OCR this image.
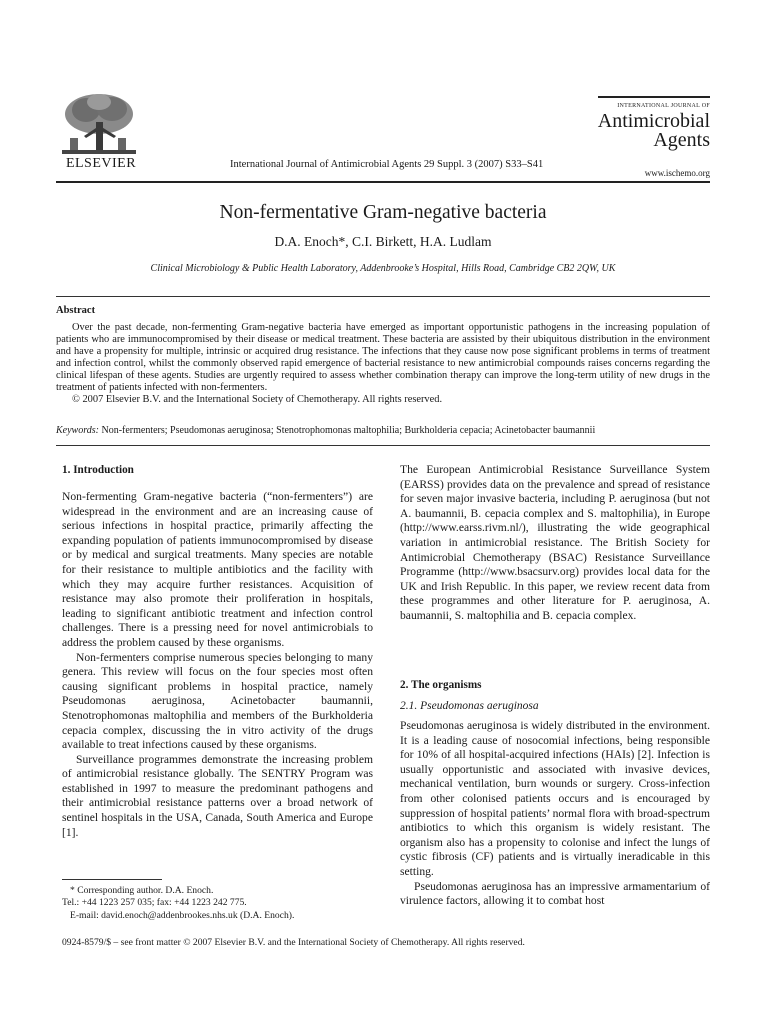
ELSEVIER	International Journal of Antimicrobial Agents 29 Suppl. 3 (2007) S33–S41
INTERNATIONAL JOURNAL OF
Antimicrobial
Agents
www.ischemo.org
Non-fermentative Gram-negative bacteria
D.A. Enoch*, C.I. Birkett, H.A. Ludlam
Clinical Microbiology & Public Health Laboratory, Addenbrooke’s Hospital, Hills Road, Cambridge CB2 2QW, UK
Abstract

Over the past decade, non-fermenting Gram-negative bacteria have emerged as important opportunistic pathogens in the increasing population of patients who are immunocompromised by their disease or medical treatment. These bacteria are assisted by their ubiquitous distribution in the environment and have a propensity for multiple, intrinsic or acquired drug resistance. The infections that they cause now pose significant problems in terms of treatment and infection control, whilst the commonly observed rapid emergence of bacterial resistance to new antimicrobial compounds raises concerns regarding the clinical lifespan of these agents. Studies are urgently required to assess whether combination therapy can improve the long-term utility of new drugs in the treatment of patients infected with non-fermenters.

© 2007 Elsevier B.V. and the International Society of Chemotherapy. All rights reserved.

Keywords: Non-fermenters; Pseudomonas aeruginosa; Stenotrophomonas maltophilia; Burkholderia cepacia; Acinetobacter baumannii
1. Introduction

Non-fermenting Gram-negative bacteria (“non-fermenters”) are widespread in the environment and are an increasing cause of serious infections in hospital practice, primarily affecting the expanding population of patients immunocompromised by disease or by medical and surgical treatments. Many species are notable for their resistance to multiple antibiotics and the facility with which they may acquire further resistances. Acquisition of resistance may also promote their proliferation in hospitals, leading to significant antibiotic treatment and infection control challenges. There is a pressing need for novel antimicrobials to address the problem caused by these organisms.

Non-fermenters comprise numerous species belonging to many genera. This review will focus on the four species most often causing significant problems in hospital practice, namely Pseudomonas aeruginosa, Acinetobacter baumannii, Stenotrophomonas maltophilia and members of the Burkholderia cepacia complex, discussing the in vitro activity of the drugs available to treat infections caused by these organisms.

Surveillance programmes demonstrate the increasing problem of antimicrobial resistance globally. The SENTRY Program was established in 1997 to measure the predominant pathogens and their antimicrobial resistance patterns over a broad network of sentinel hospitals in the USA, Canada, South America and Europe [1].

The European Antimicrobial Resistance Surveillance System (EARSS) provides data on the prevalence and spread of resistance for seven major invasive bacteria, including P. aeruginosa (but not A. baumannii, B. cepacia complex and S. maltophilia), in Europe (http://www.earss.rivm.nl/), illustrating the wide geographical variation in antimicrobial resistance. The British Society for Antimicrobial Chemotherapy (BSAC) Resistance Surveillance Programme (http://www.bsacsurv.org) provides local data for the UK and Irish Republic. In this paper, we review recent data from these programmes and other literature for P. aeruginosa, A. baumannii, S. maltophilia and B. cepacia complex.

2. The organisms
2.1. Pseudomonas aeruginosa

Pseudomonas aeruginosa is widely distributed in the environment. It is a leading cause of nosocomial infections, being responsible for 10% of all hospital-acquired infections (HAIs) [2]. Infection is usually opportunistic and associated with invasive devices, mechanical ventilation, burn wounds or surgery. Cross-infection from other colonised patients occurs and is encouraged by suppression of hospital patients’ normal flora with broad-spectrum antibiotics to which this organism is widely resistant. The organism also has a propensity to colonise and infect the lungs of cystic fibrosis (CF) patients and is virtually ineradicable in this setting.

Pseudomonas aeruginosa has an impressive armamentarium of virulence factors, allowing it to combat host

* Corresponding author. D.A. Enoch.
Tel.: +44 1223 257 035; fax: +44 1223 242 775.
E-mail: david.enoch@addenbrookes.nhs.uk (D.A. Enoch).
0924-8579/$ – see front matter © 2007 Elsevier B.V. and the International Society of Chemotherapy. All rights reserved.
